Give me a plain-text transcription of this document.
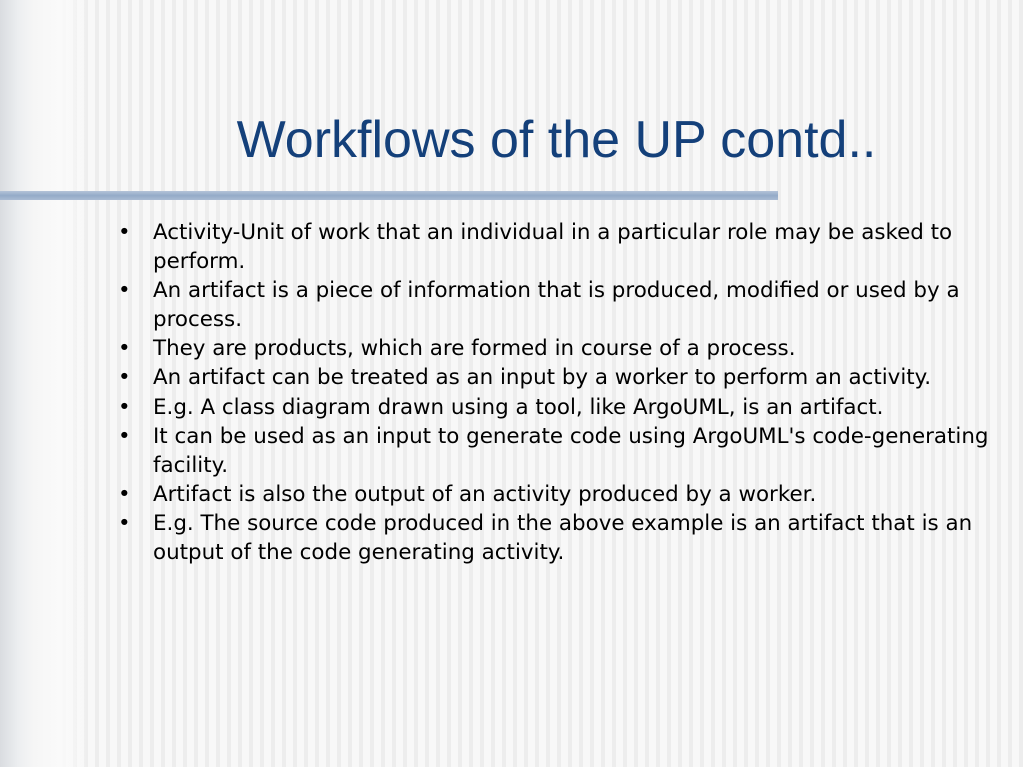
Workflows of the UP contd..
•	Activity-Unit of work that an individual in a particular role may be asked to perform.
•	An artifact is a piece of information that is produced, modified or used by a process.
•	They are products, which are formed in course of a process.
•	An artifact can be treated as an input by a worker to perform an activity.
•	E.g. A class diagram drawn using a tool, like ArgoUML, is an artifact.
•	It can be used as an input to generate code using ArgoUML's code-generating facility.
•	Artifact is also the output of an activity produced by a worker.
•	E.g. The source code produced in the above example is an artifact that is an output of the code generating activity.
